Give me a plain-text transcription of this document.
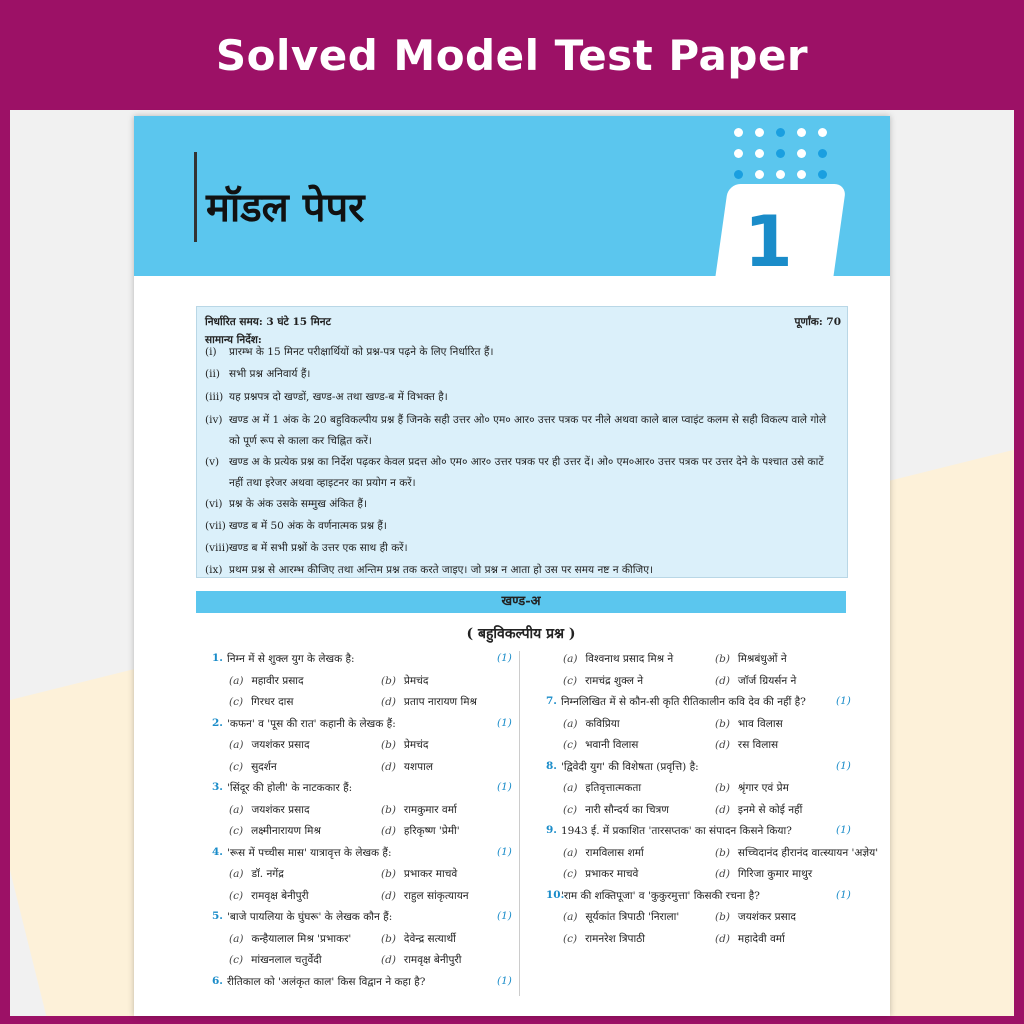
Solved Model Test Paper
मॉडल पेपर	1
निर्धारित समय: 3 घंटे 15 मिनट	पूर्णांक: 70
सामान्य निर्देश:
(i)	प्रारम्भ के 15 मिनट परीक्षार्थियों को प्रश्न-पत्र पढ़ने के लिए निर्धारित हैं।
(ii) सभी प्रश्न अनिवार्य हैं।
(iii) यह प्रश्नपत्र दो खण्डों, खण्ड-अ तथा खण्ड-ब में विभक्त है।
(iv) खण्ड अ में 1 अंक के 20 बहुविकल्पीय प्रश्न हैं जिनके सही उत्तर ओ० एम० आर० उत्तर पत्रक पर नीले अथवा काले बाल प्वाइंट कलम से सही विकल्प वाले गोले को पूर्ण रूप से काला कर चिह्नित करें।
(v) खण्ड अ के प्रत्येक प्रश्न का निर्देश पढ़कर केवल प्रदत्त ओ० एम० आर० उत्तर पत्रक पर ही उत्तर दें। ओ० एम०आर० उत्तर पत्रक पर उत्तर देने के पश्चात उसे काटें नहीं तथा इरेजर अथवा व्हाइटनर का प्रयोग न करें।
(vi) प्रश्न के अंक उसके सम्मुख अंकित हैं।
(vii) खण्ड ब में 50 अंक के वर्णनात्मक प्रश्न हैं।
(viii) खण्ड ब में सभी प्रश्नों के उत्तर एक साथ ही करें।
(ix) प्रथम प्रश्न से आरम्भ कीजिए तथा अन्तिम प्रश्न तक करते जाइए। जो प्रश्न न आता हो उस पर समय नष्ट न कीजिए।
खण्ड-अ
( बहुविकल्पीय प्रश्न )
1. निम्न में से शुक्ल युग के लेखक है:	(1)
(a) महावीर प्रसाद	(b) प्रेमचंद
(c) गिरधर दास	(d) प्रताप नारायण मिश्र
2. 'कफन' व 'पूस की रात' कहानी के लेखक हैं:	(1)
(a) जयशंकर प्रसाद	(b) प्रेमचंद
(c) सुदर्शन	(d) यशपाल
3. 'सिंदूर की होली' के नाटककार हैं:	(1)
(a) जयशंकर प्रसाद	(b) रामकुमार वर्मा
(c) लक्ष्मीनारायण मिश्र	(d) हरिकृष्ण 'प्रेमी'
4. 'रूस में पच्चीस मास' यात्रावृत्त के लेखक हैं:	(1)
(a) डॉ. नगेंद्र	(b) प्रभाकर माचवे
(c) रामवृक्ष बेनीपुरी	(d) राहुल सांकृत्यायन
5. 'बाजे पायलिया के घुंघरू' के लेखक कौन हैं:	(1)
(a) कन्हैयालाल मिश्र 'प्रभाकर'	(b) देवेन्द्र सत्यार्थी
(c) मांखनलाल चतुर्वेदी	(d) रामवृक्ष बेनीपुरी
6. रीतिकाल को 'अलंकृत काल' किस विद्वान ने कहा है?	(1)
(a) विश्वनाथ प्रसाद मिश्र ने	(b) मिश्रबंधुओं ने
(c) रामचंद्र शुक्ल ने	(d) जॉर्ज ग्रियर्सन ने
7. निम्नलिखित में से कौन-सी कृति रीतिकालीन कवि देव की नहीं है?	(1)
(a) कविप्रिया	(b) भाव विलास
(c) भवानी विलास	(d) रस विलास
8. 'द्विवेदी युग' की विशेषता (प्रवृत्ति) है:	(1)
(a) इतिवृत्तात्मकता	(b) श्रृंगार एवं प्रेम
(c) नारी सौन्दर्य का चित्रण	(d) इनमे से कोई नहीं
9. 1943 ई. में प्रकाशित 'तारसप्तक' का संपादन किसने किया?	(1)
(a) रामविलास शर्मा	(b) सच्चिदानंद हीरानंद वात्स्यायन 'अज्ञेय'
(c) प्रभाकर माचवे	(d) गिरिजा कुमार माथुर
10.
'राम की शक्तिपूजा' व 'कुकुरमुत्ता' किसकी रचना है?	(1)
(a) सूर्यकांत त्रिपाठी 'निराला'	(b) जयशंकर प्रसाद
(c) रामनरेश त्रिपाठी	(d) महादेवी वर्मा
